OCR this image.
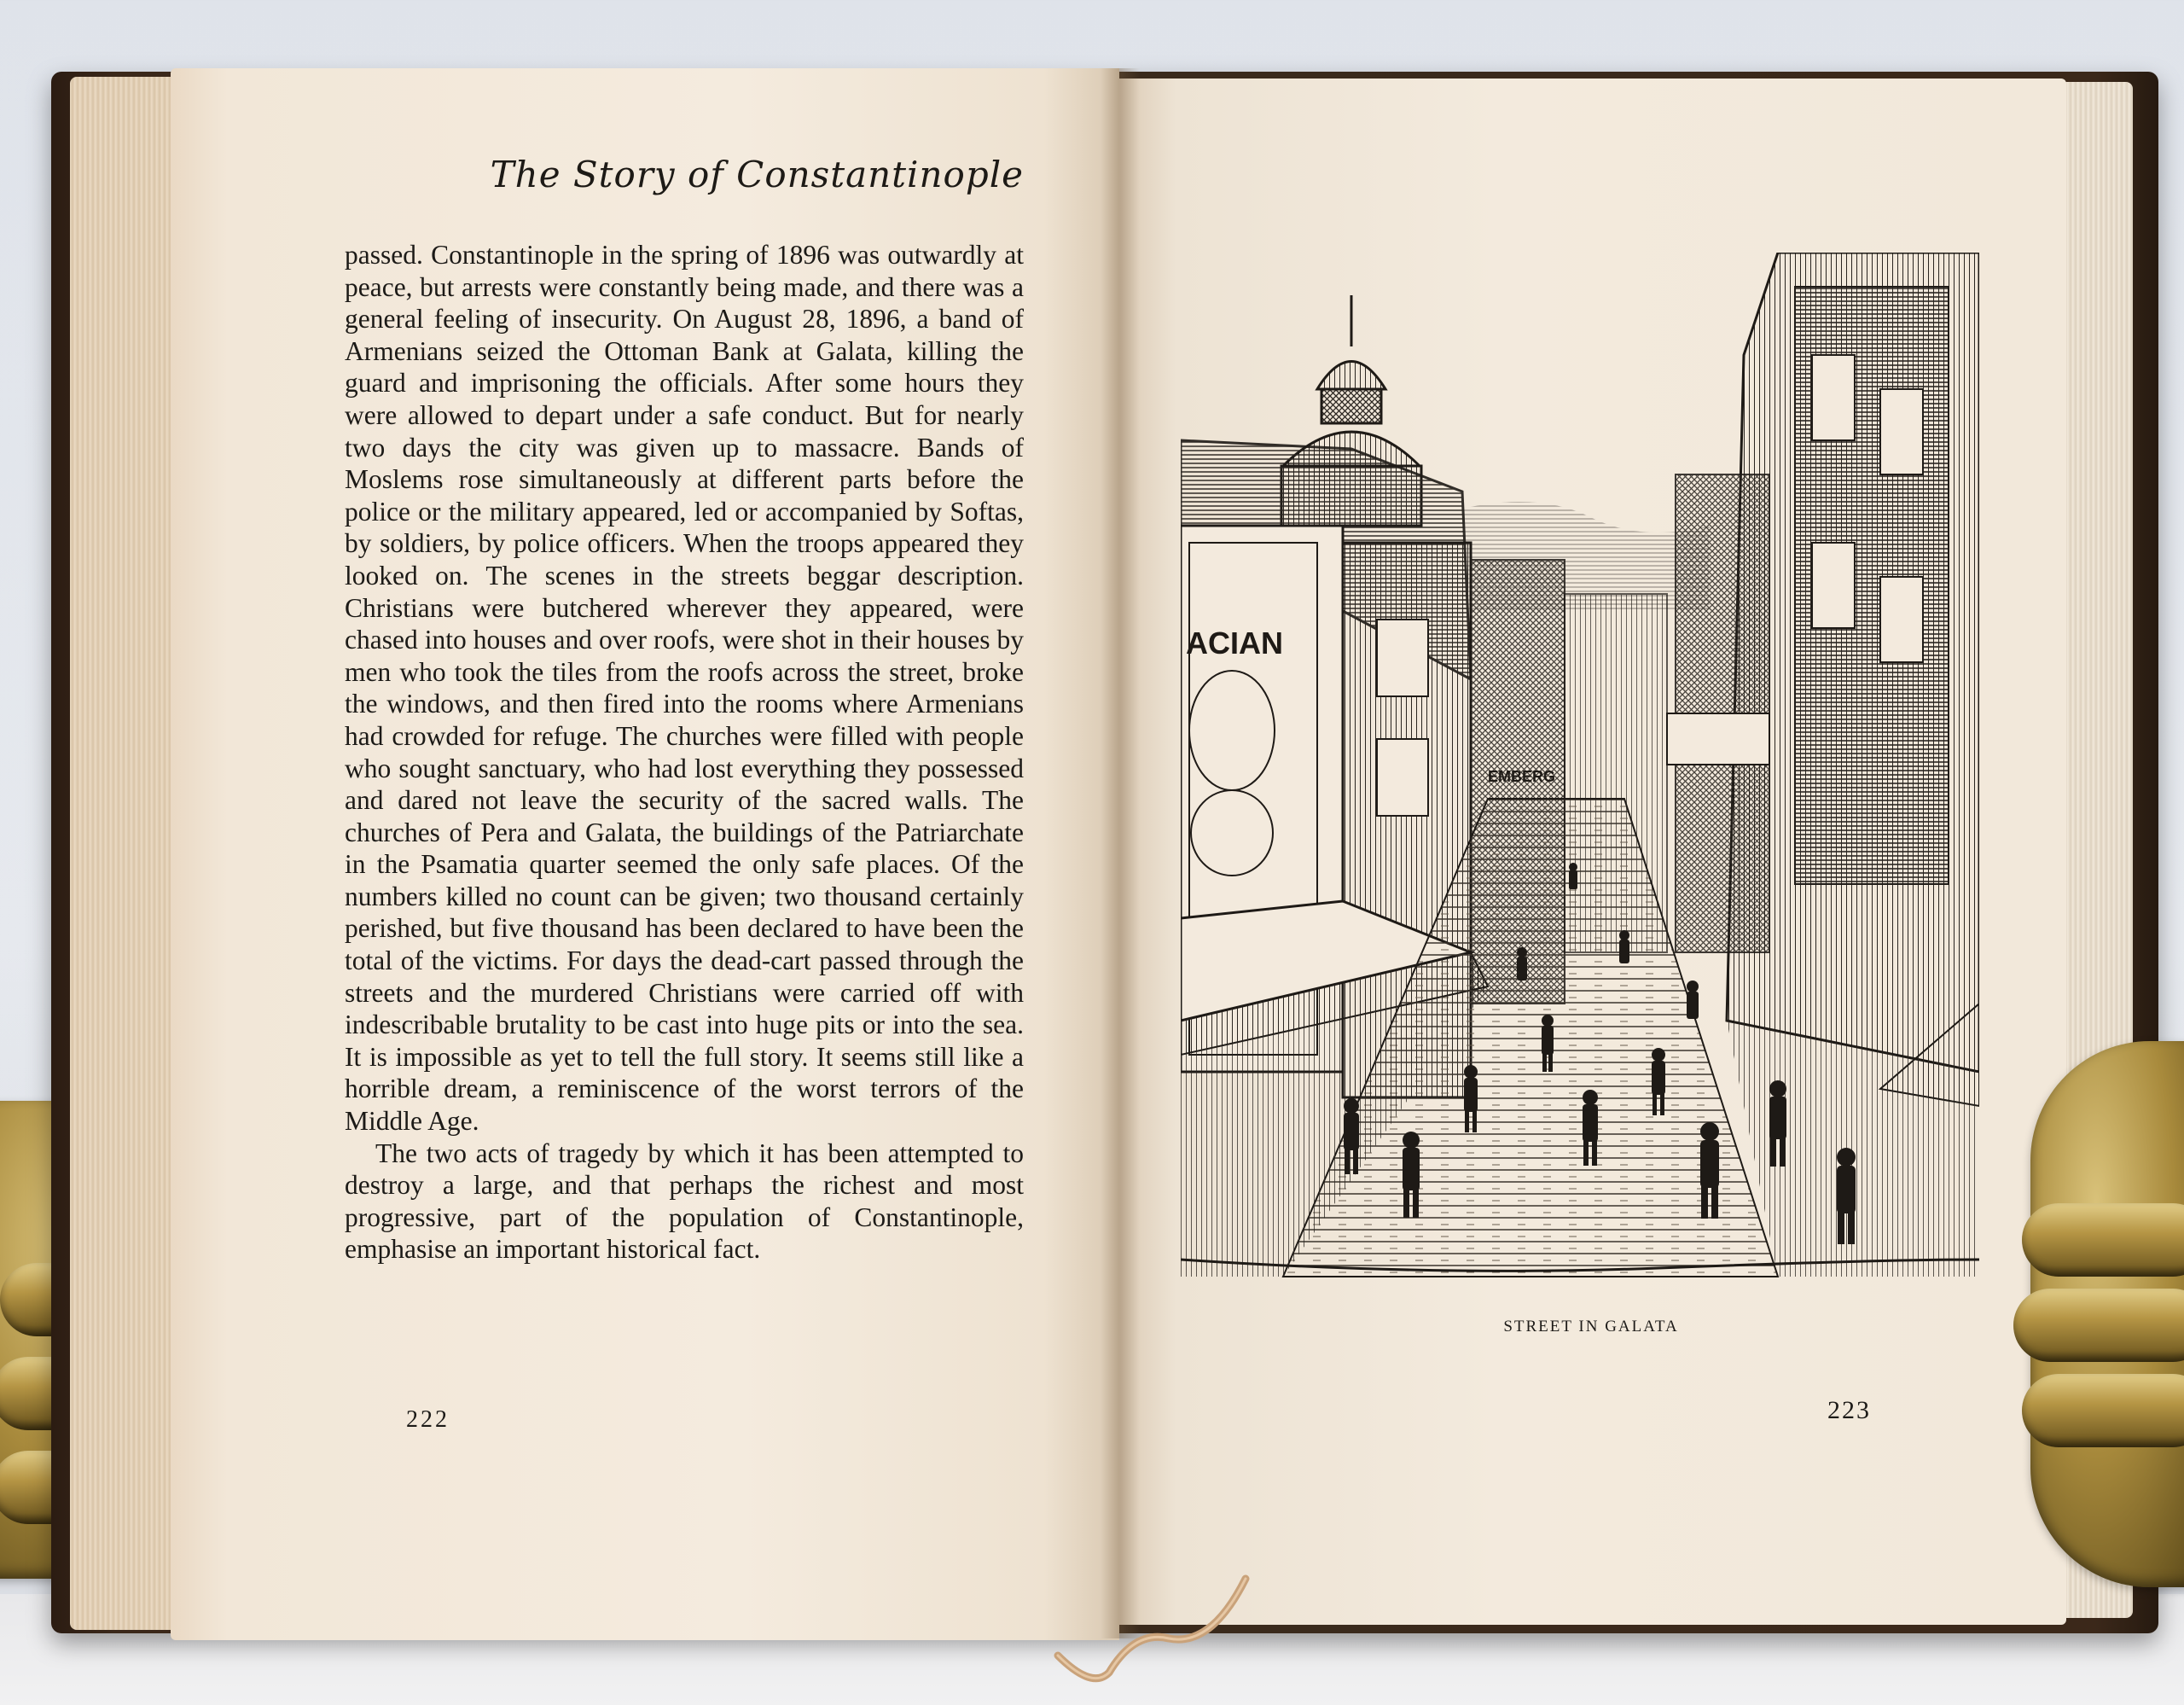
The Story of Constantinople

passed. Constantinople in the spring of 1896 was outwardly at peace, but arrests were constantly being made, and there was a general feeling of insecurity. On August 28, 1896, a band of Armenians seized the Ottoman Bank at Galata, killing the guard and imprisoning the officials. After some hours they were allowed to depart under a safe conduct. But for nearly two days the city was given up to massacre. Bands of Moslems rose simultaneously at different parts before the police or the military appeared, led or accompanied by Softas, by soldiers, by police officers. When the troops appeared they looked on. The scenes in the streets beggar description. Christians were butchered wherever they appeared, were chased into houses and over roofs, were shot in their houses by men who took the tiles from the roofs across the street, broke the windows, and then fired into the rooms where Armenians had crowded for refuge. The churches were filled with people who sought sanctuary, who had lost everything they possessed and dared not leave the security of the sacred walls. The churches of Pera and Galata, the buildings of the Patriarchate in the Psamatia quarter seemed the only safe places. Of the numbers killed no count can be given; two thousand certainly perished, but five thousand has been declared to have been the total of the victims. For days the dead-cart passed through the streets and the murdered Christians were carried off with indescribable brutality to be cast into huge pits or into the sea. It is impossible as yet to tell the full story. It seems still like a horrible dream, a reminiscence of the worst terrors of the Middle Age.

The two acts of tragedy by which it has been attempted to destroy a large, and that perhaps the richest and most progressive, part of the population of Constantinople, emphasise an important historical fact.

222
ACIAN
EMBERG
STREET IN GALATA
223
